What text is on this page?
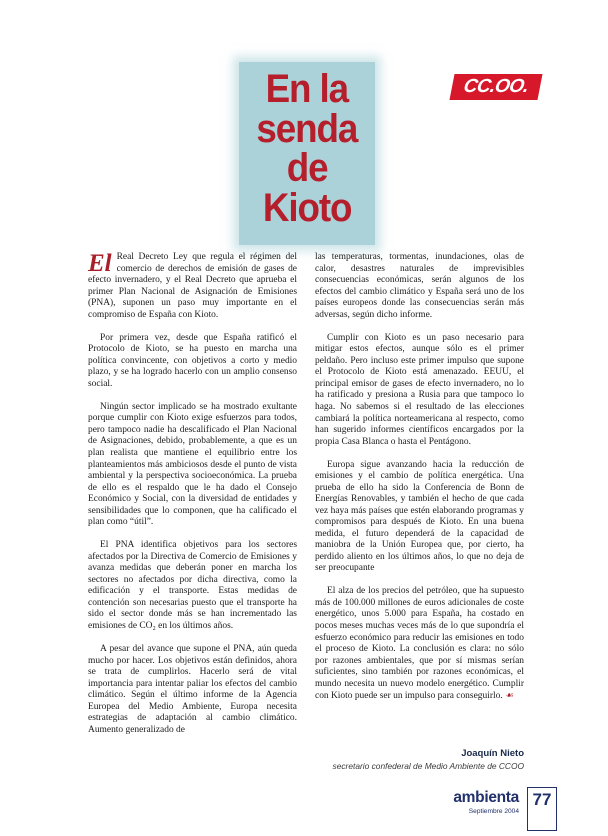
En la
senda
de
Kioto
CC.OO.

El Real Decreto Ley que regula el régimen del comercio de derechos de emisión de gases de efecto invernadero, y el Real Decreto que aprueba el primer Plan Nacional de Asignación de Emisiones (PNA), suponen un paso muy importante en el compromiso de España con Kioto.

Por primera vez, desde que España ratificó el Protocolo de Kioto, se ha puesto en marcha una política convincente, con objetivos a corto y medio plazo, y se ha logrado hacerlo con un amplio consenso social.

Ningún sector implicado se ha mostrado exultante porque cumplir con Kioto exige esfuerzos para todos, pero tampoco nadie ha descalificado el Plan Nacional de Asignaciones, debido, probablemente, a que es un plan realista que mantiene el equilibrio entre los planteamientos más ambiciosos desde el punto de vista ambiental y la perspectiva socioeconómica. La prueba de ello es el respaldo que le ha dado el Consejo Económico y Social, con la diversidad de entidades y sensibilidades que lo componen, que ha calificado el plan como “útil”.

El PNA identifica objetivos para los sectores afectados por la Directiva de Comercio de Emisiones y avanza medidas que deberán poner en marcha los sectores no afectados por dicha directiva, como la edificación y el transporte. Estas medidas de contención son necesarias puesto que el transporte ha sido el sector donde más se han incrementado las emisiones de CO₂ en los últimos años.

A pesar del avance que supone el PNA, aún queda mucho por hacer. Los objetivos están definidos, ahora se trata de cumplirlos. Hacerlo será de vital importancia para intentar paliar los efectos del cambio climático. Según el último informe de la Agencia Europea del Medio Ambiente, Europa necesita estrategias de adaptación al cambio climático. Aumento generalizado de

las temperaturas, tormentas, inundaciones, olas de calor, desastres naturales de imprevisibles consecuencias económicas, serán algunos de los efectos del cambio climático y España será uno de los países europeos donde las consecuencias serán más adversas, según dicho informe.

Cumplir con Kioto es un paso necesario para mitigar estos efectos, aunque sólo es el primer peldaño. Pero incluso este primer impulso que supone el Protocolo de Kioto está amenazado. EEUU, el principal emisor de gases de efecto invernadero, no lo ha ratificado y presiona a Rusia para que tampoco lo haga. No sabemos si el resultado de las elecciones cambiará la política norteamericana al respecto, como han sugerido informes científicos encargados por la propia Casa Blanca o hasta el Pentágono.

Europa sigue avanzando hacia la reducción de emisiones y el cambio de política energética. Una prueba de ello ha sido la Conferencia de Bonn de Energías Renovables, y también el hecho de que cada vez haya más países que estén elaborando programas y compromisos para después de Kioto. En una buena medida, el futuro dependerá de la capacidad de maniobra de la Unión Europea que, por cierto, ha perdido aliento en los últimos años, lo que no deja de ser preocupante

El alza de los precios del petróleo, que ha supuesto más de 100.000 millones de euros adicionales de coste energético, unos 5.000 para España, ha costado en pocos meses muchas veces más de lo que supondría el esfuerzo económico para reducir las emisiones en todo el proceso de Kioto. La conclusión es clara: no sólo por razones ambientales, que por sí mismas serían suficientes, sino también por razones económicas, el mundo necesita un nuevo modelo energético. Cumplir con Kioto puede ser un impulso para conseguirlo. ☙

Joaquín Nieto
secretario confederal de Medio Ambiente de CCOO
ambienta
Septiembre 2004
77
